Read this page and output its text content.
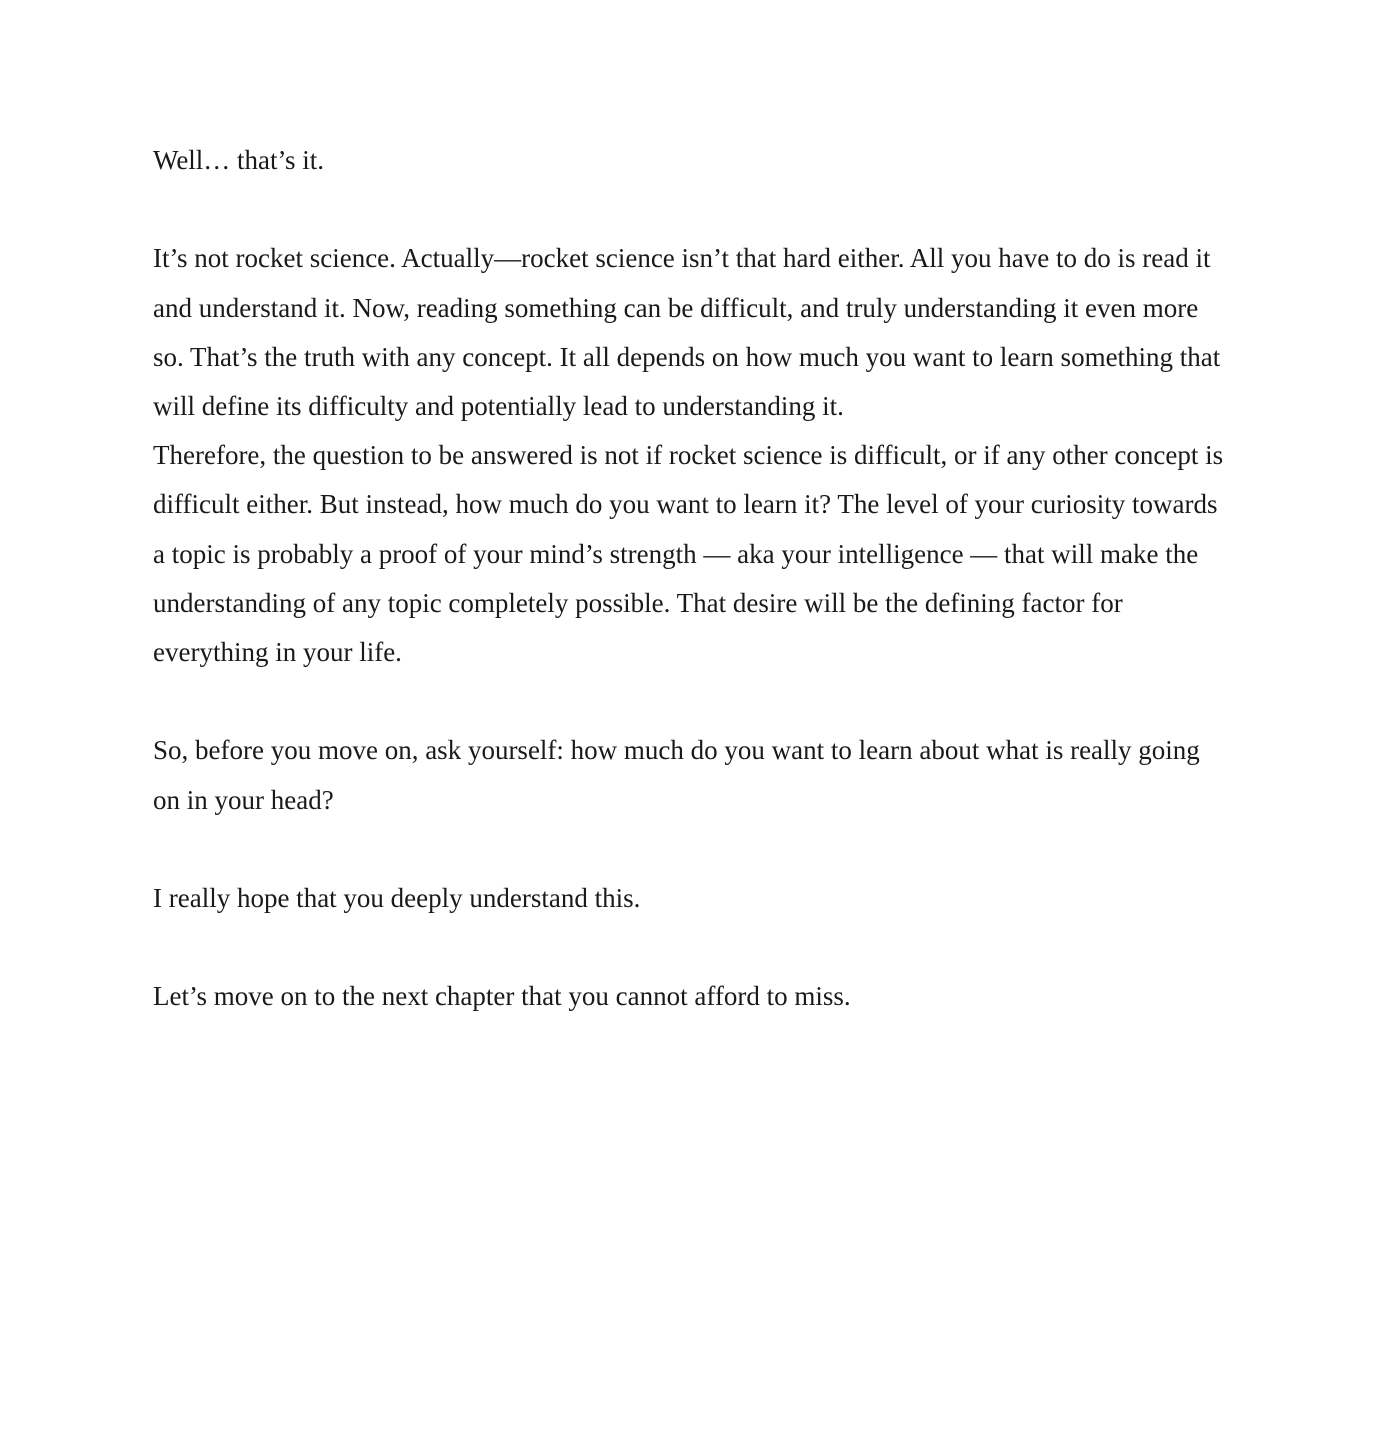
Well… that’s it.

It’s not rocket science. Actually—rocket science isn’t that hard either. All you have to do is read it and understand it. Now, reading something can be difficult, and truly understanding it even more so. That’s the truth with any concept. It all depends on how much you want to learn something that will define its difficulty and potentially lead to understanding it.

Therefore, the question to be answered is not if rocket science is difficult, or if any other concept is difficult either. But instead, how much do you want to learn it? The level of your curiosity towards a topic is probably a proof of your mind’s strength — aka your intelligence — that will make the understanding of any topic completely possible. That desire will be the defining factor for everything in your life.

So, before you move on, ask yourself: how much do you want to learn about what is really going on in your head?

I really hope that you deeply understand this.

Let’s move on to the next chapter that you cannot afford to miss.
